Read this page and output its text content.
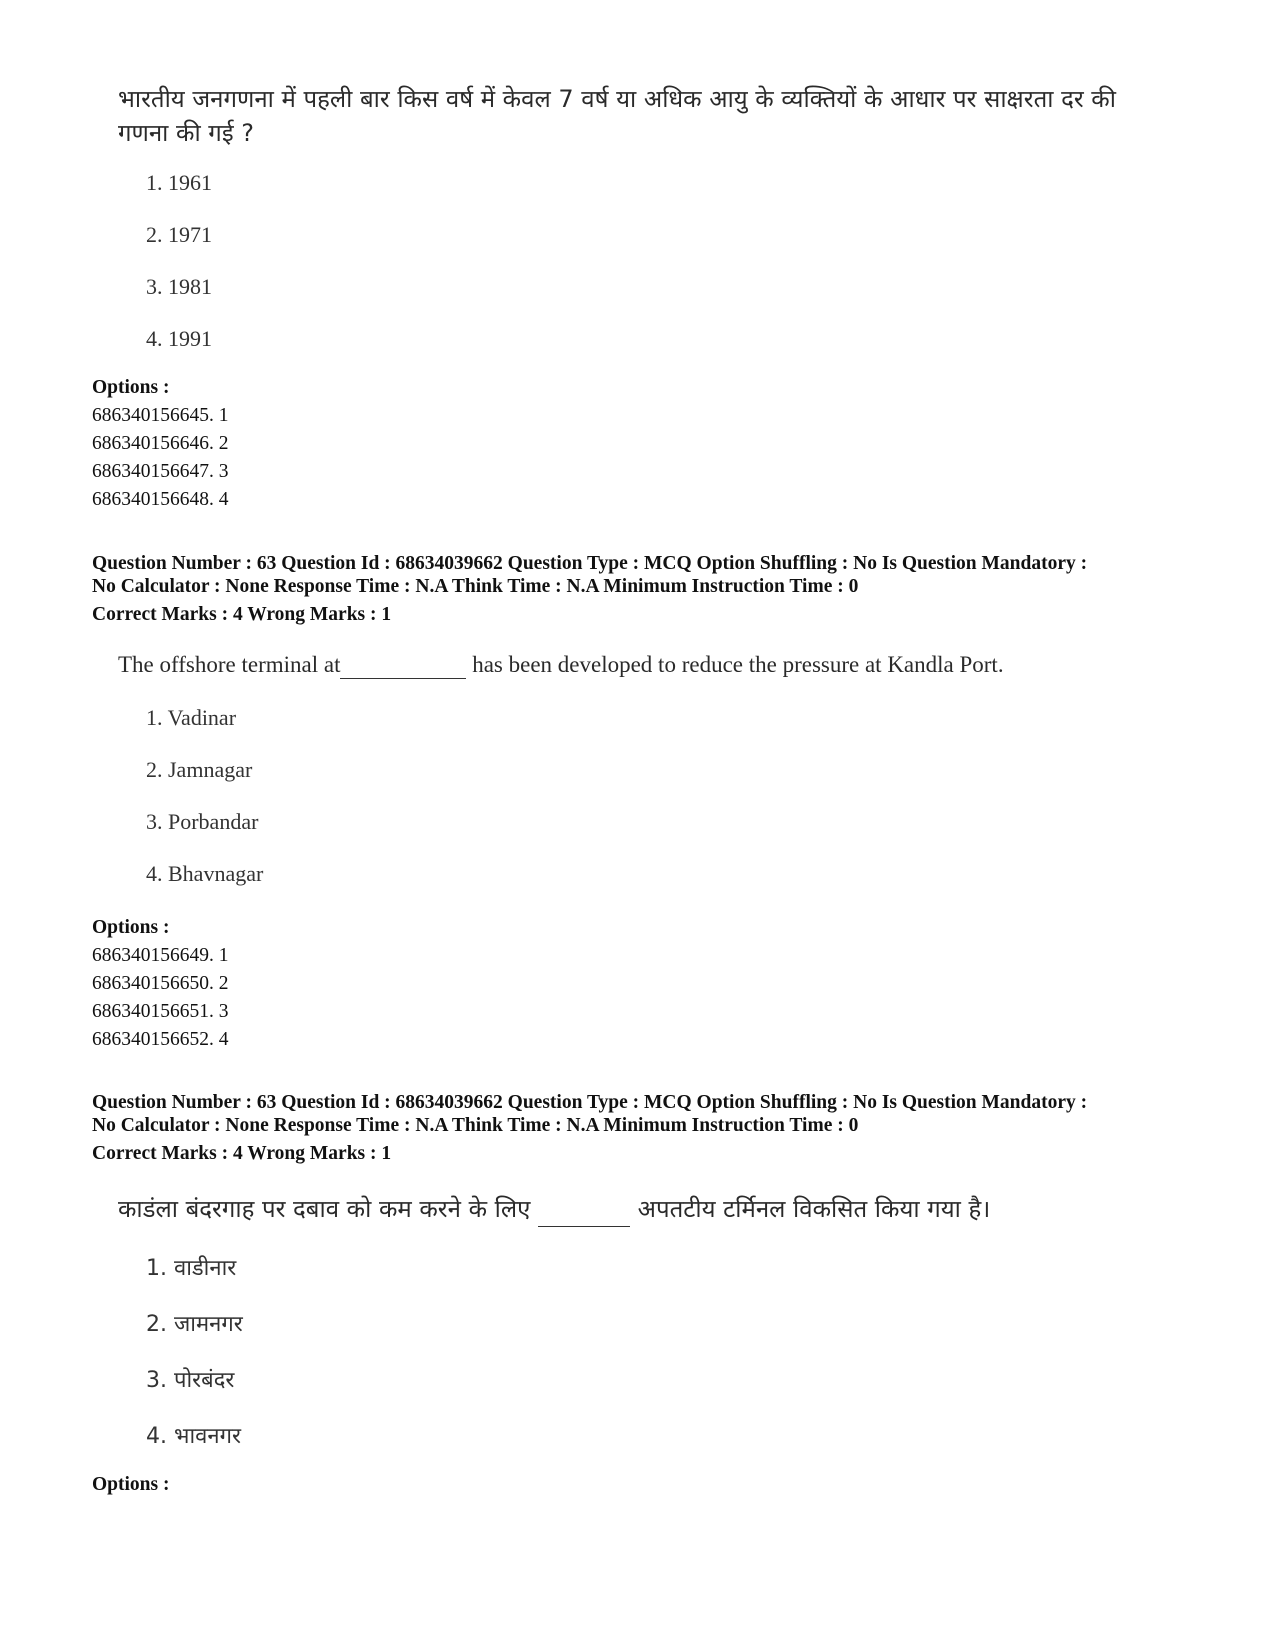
भारतीय जनगणना में पहली बार किस वर्ष में केवल 7 वर्ष या अधिक आयु के व्यक्तियों के आधार पर साक्षरता दर की
गणना की गई ?
1. 1961
2. 1971
3. 1981
4. 1991
Options :
686340156645. 1
686340156646. 2
686340156647. 3
686340156648. 4
Question Number : 63 Question Id : 68634039662 Question Type : MCQ Option Shuffling : No Is Question Mandatory :
No Calculator : None Response Time : N.A Think Time : N.A Minimum Instruction Time : 0
Correct Marks : 4 Wrong Marks : 1
The offshore terminal at	has been developed to reduce the pressure at Kandla Port.
1. Vadinar
2. Jamnagar
3. Porbandar
4. Bhavnagar
Options :
686340156649. 1
686340156650. 2
686340156651. 3
686340156652. 4
Question Number : 63 Question Id : 68634039662 Question Type : MCQ Option Shuffling : No Is Question Mandatory :
No Calculator : None Response Time : N.A Think Time : N.A Minimum Instruction Time : 0
Correct Marks : 4 Wrong Marks : 1
काडंला बंदरगाह पर दबाव को कम करने के लिए	अपतटीय टर्मिनल विकसित किया गया है।
1. वाडीनार
2. जामनगर
3. पोरबंदर
4. भावनगर
Options :
